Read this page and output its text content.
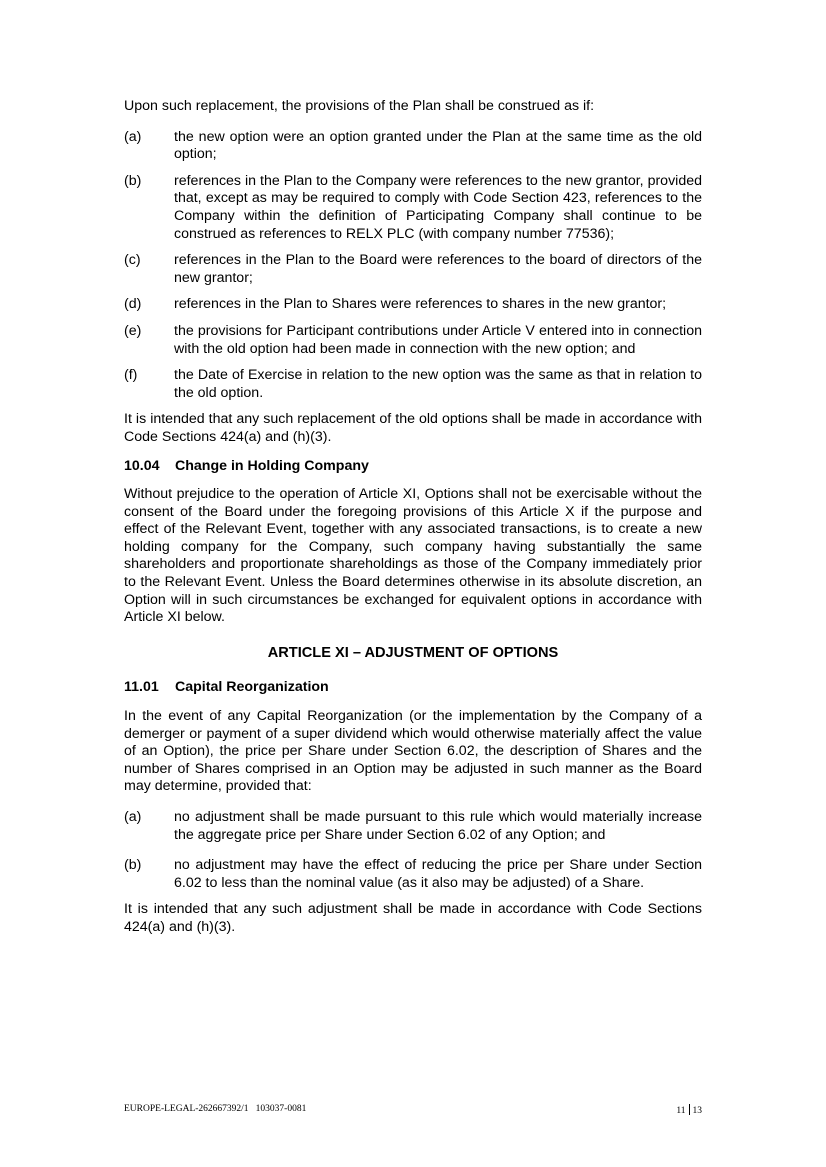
Upon such replacement, the provisions of the Plan shall be construed as if:

(a)	the new option were an option granted under the Plan at the same time as the old option;
(b)	references in the Plan to the Company were references to the new grantor, provided that, except as may be required to comply with Code Section 423, references to the Company within the definition of Participating Company shall continue to be construed as references to RELX PLC (with company number 77536);
(c)	references in the Plan to the Board were references to the board of directors of the new grantor;
(d)	references in the Plan to Shares were references to shares in the new grantor;
(e)	the provisions for Participant contributions under Article V entered into in connection with the old option had been made in connection with the new option; and
(f)	the Date of Exercise in relation to the new option was the same as that in relation to the old option.

It is intended that any such replacement of the old options shall be made in accordance with Code Sections 424(a) and (h)(3).

10.04 Change in Holding Company

Without prejudice to the operation of Article XI, Options shall not be exercisable without the consent of the Board under the foregoing provisions of this Article X if the purpose and effect of the Relevant Event, together with any associated transactions, is to create a new holding company for the Company, such company having substantially the same shareholders and proportionate shareholdings as those of the Company immediately prior to the Relevant Event. Unless the Board determines otherwise in its absolute discretion, an Option will in such circumstances be exchanged for equivalent options in accordance with Article XI below.

ARTICLE XI – ADJUSTMENT OF OPTIONS
11.01 Capital Reorganization

In the event of any Capital Reorganization (or the implementation by the Company of a demerger or payment of a super dividend which would otherwise materially affect the value of an Option), the price per Share under Section 6.02, the description of Shares and the number of Shares comprised in an Option may be adjusted in such manner as the Board may determine, provided that:

(a)	no adjustment shall be made pursuant to this rule which would materially increase the aggregate price per Share under Section 6.02 of any Option; and
(b)	no adjustment may have the effect of reducing the price per Share under Section 6.02 to less than the nominal value (as it also may be adjusted) of a Share.

It is intended that any such adjustment shall be made in accordance with Code Sections 424(a) and (h)(3).

EUROPE-LEGAL-262667392/1   103037-0081	11 13
